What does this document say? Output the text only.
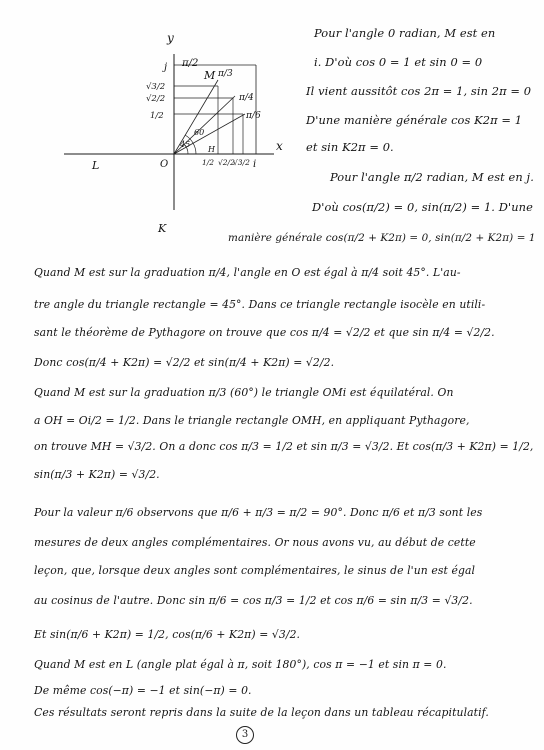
y
x
O
L
K
j
i
H
M
π/2
π/3
π/4
π/6
√3/2
√2/2
1/2
1/2 √2/2
√3/2
45
60
Pour l'angle 0 radian, M est en
i. D'où cos 0 = 1 et sin 0 = 0
Il vient aussitôt cos 2π = 1, sin 2π = 0
D'une manière générale cos K2π = 1
et sin K2π = 0.
Pour l'angle π/2 radian, M est en j.
D'où cos(π/2) = 0, sin(π/2) = 1. D'une
manière générale cos(π/2 + K2π) = 0, sin(π/2 + K2π) = 1
Quand M est sur la graduation π/4, l'angle en O est égal à π/4 soit 45°. L'au-
tre angle du triangle rectangle = 45°. Dans ce triangle rectangle isocèle en utili-
sant le théorème de Pythagore on trouve que cos π/4 = √2/2 et que sin π/4 = √2/2.
Donc cos(π/4 + K2π) = √2/2 et sin(π/4 + K2π) = √2/2.
Quand M est sur la graduation π/3 (60°) le triangle OMi est équilatéral. On
a OH = Oi/2 = 1/2. Dans le triangle rectangle OMH, en appliquant Pythagore,
on trouve MH = √3/2. On a donc cos π/3 = 1/2 et sin π/3 = √3/2. Et cos(π/3 + K2π) = 1/2,
sin(π/3 + K2π) = √3/2.
Pour la valeur π/6 observons que π/6 + π/3 = π/2 = 90°. Donc π/6 et π/3 sont les
mesures de deux angles complémentaires. Or nous avons vu, au début de cette
leçon, que, lorsque deux angles sont complémentaires, le sinus de l'un est égal
au cosinus de l'autre. Donc sin π/6 = cos π/3 = 1/2 et cos π/6 = sin π/3 = √3/2.
Et sin(π/6 + K2π) = 1/2, cos(π/6 + K2π) = √3/2.
Quand M est en L (angle plat égal à π, soit 180°), cos π = −1 et sin π = 0.
De même cos(−π) = −1 et sin(−π) = 0.
Ces résultats seront repris dans la suite de la leçon dans un tableau récapitulatif.
3
